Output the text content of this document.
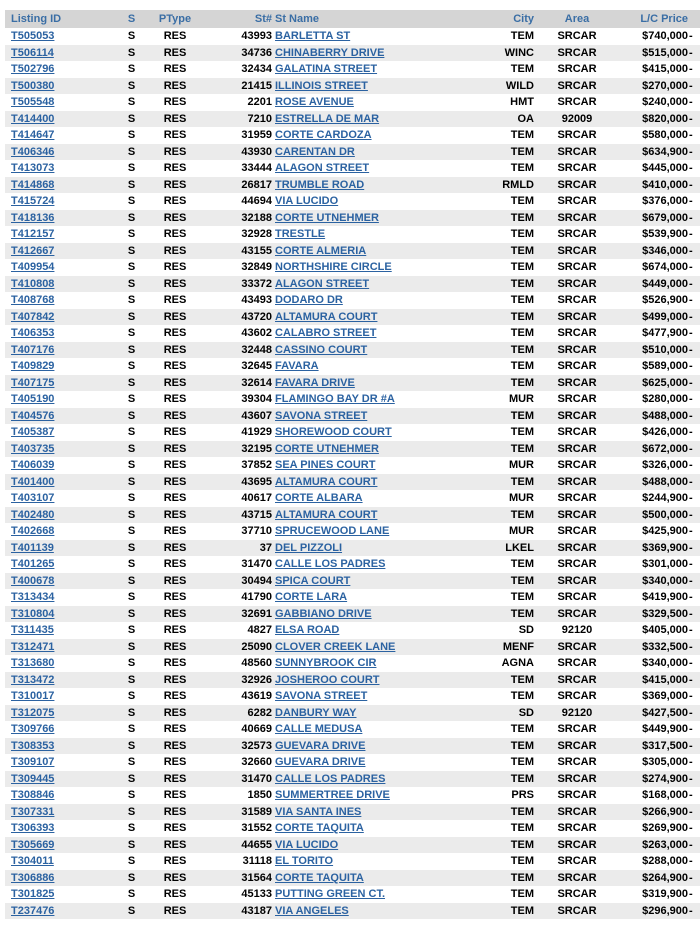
Listing ID	S	PType	St# St Name	City	Area	L/C Price
T505053	S	RES	43993 BARLETTA ST	TEM	SRCAR	$740,000 -
T506114	S	RES	34736 CHINABERRY DRIVE	WINC	SRCAR	$515,000 -
T502796	S	RES	32434 GALATINA STREET	TEM	SRCAR	$415,000 -
T500380	S	RES	21415 ILLINOIS STREET	WILD	SRCAR	$270,000 -
T505548	S	RES	2201 ROSE AVENUE	HMT	SRCAR	$240,000 -
T414400	S	RES	7210 ESTRELLA DE MAR	OA	92009	$820,000 -
T414647	S	RES	31959 CORTE CARDOZA	TEM	SRCAR	$580,000 -
T406346	S	RES	43930 CARENTAN DR	TEM	SRCAR	$634,900 -
T413073	S	RES	33444 ALAGON STREET	TEM	SRCAR	$445,000 -
T414868	S	RES	26817 TRUMBLE ROAD	RMLD	SRCAR	$410,000 -
T415724	S	RES	44694 VIA LUCIDO	TEM	SRCAR	$376,000 -
T418136	S	RES	32188 CORTE UTNEHMER	TEM	SRCAR	$679,000 -
T412157	S	RES	32928 TRESTLE	TEM	SRCAR	$539,900 -
T412667	S	RES	43155 CORTE ALMERIA	TEM	SRCAR	$346,000 -
T409954	S	RES	32849 NORTHSHIRE CIRCLE	TEM	SRCAR	$674,000 -
T410808	S	RES	33372 ALAGON STREET	TEM	SRCAR	$449,000 -
T408768	S	RES	43493 DODARO DR	TEM	SRCAR	$526,900 -
T407842	S	RES	43720 ALTAMURA COURT	TEM	SRCAR	$499,000 -
T406353	S	RES	43602 CALABRO STREET	TEM	SRCAR	$477,900 -
T407176	S	RES	32448 CASSINO COURT	TEM	SRCAR	$510,000 -
T409829	S	RES	32645 FAVARA	TEM	SRCAR	$589,000 -
T407175	S	RES	32614 FAVARA DRIVE	TEM	SRCAR	$625,000 -
T405190	S	RES	39304 FLAMINGO BAY DR #A	MUR	SRCAR	$280,000 -
T404576	S	RES	43607 SAVONA STREET	TEM	SRCAR	$488,000 -
T405387	S	RES	41929 SHOREWOOD COURT	TEM	SRCAR	$426,000 -
T403735	S	RES	32195 CORTE UTNEHMER	TEM	SRCAR	$672,000 -
T406039	S	RES	37852 SEA PINES COURT	MUR	SRCAR	$326,000 -
T401400	S	RES	43695 ALTAMURA COURT	TEM	SRCAR	$488,000 -
T403107	S	RES	40617 CORTE ALBARA	MUR	SRCAR	$244,900 -
T402480	S	RES	43715 ALTAMURA COURT	TEM	SRCAR	$500,000 -
T402668	S	RES	37710 SPRUCEWOOD LANE	MUR	SRCAR	$425,900 -
T401139	S	RES	37 DEL PIZZOLI	LKEL	SRCAR	$369,900 -
T401265	S	RES	31470 CALLE LOS PADRES	TEM	SRCAR	$301,000 -
T400678	S	RES	30494 SPICA COURT	TEM	SRCAR	$340,000 -
T313434	S	RES	41790 CORTE LARA	TEM	SRCAR	$419,900 -
T310804	S	RES	32691 GABBIANO DRIVE	TEM	SRCAR	$329,500 -
T311435	S	RES	4827 ELSA ROAD	SD	92120	$405,000 -
T312471	S	RES	25090 CLOVER CREEK LANE	MENF	SRCAR	$332,500 -
T313680	S	RES	48560 SUNNYBROOK CIR	AGNA	SRCAR	$340,000 -
T313472	S	RES	32926 JOSHEROO COURT	TEM	SRCAR	$415,000 -
T310017	S	RES	43619 SAVONA STREET	TEM	SRCAR	$369,000 -
T312075	S	RES	6282 DANBURY WAY	SD	92120	$427,500 -
T309766	S	RES	40669 CALLE MEDUSA	TEM	SRCAR	$449,900 -
T308353	S	RES	32573 GUEVARA DRIVE	TEM	SRCAR	$317,500 -
T309107	S	RES	32660 GUEVARA DRIVE	TEM	SRCAR	$305,000 -
T309445	S	RES	31470 CALLE LOS PADRES	TEM	SRCAR	$274,900 -
T308846	S	RES	1850 SUMMERTREE DRIVE	PRS	SRCAR	$168,000 -
T307331	S	RES	31589 VIA SANTA INES	TEM	SRCAR	$266,900 -
T306393	S	RES	31552 CORTE TAQUITA	TEM	SRCAR	$269,900 -
T305669	S	RES	44655 VIA LUCIDO	TEM	SRCAR	$263,000 -
T304011	S	RES	31118 EL TORITO	TEM	SRCAR	$288,000 -
T306886	S	RES	31564 CORTE TAQUITA	TEM	SRCAR	$264,900 -
T301825	S	RES	45133 PUTTING GREEN CT.	TEM	SRCAR	$319,900 -
T237476	S	RES	43187 VIA ANGELES	TEM	SRCAR	$296,900 -
